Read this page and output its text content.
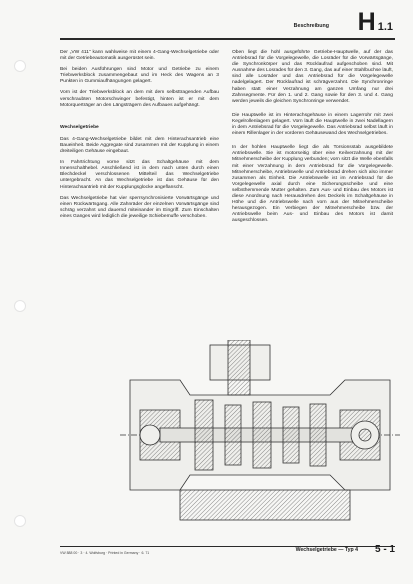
Beschreibung H 1.1

Der „VW 411" kann wahlweise mit einem 4-Gang-Wechselgetriebe oder mit der Getriebeautomatik ausgerüstet sein.

Bei beiden Ausführungen sind Motor und Getriebe zu einem Triebwerksblock zusammengebaut und im Heck des Wagens an 3 Punkten in Gummiaufhängungen gelagert.

Vorn ist der Triebwerksblock an dem mit dem selbsttragenden Aufbau verschraubten Motorschwinger befestigt, hinten ist er mit dem Motorquerträger an den Längsträgern des Aufbaues aufgehängt.

Wechselgetriebe

Das 4-Gang-Wechselgetriebe bildet mit dem Hinterachsantrieb eine Baueinheit. Beide Aggregate sind zusammen mit der Kupplung in einem dreiteiligen Gehäuse eingebaut.

In Fahrtrichtung vorne sitzt das Schaltgehäuse mit dem Innenschalthebel. Anschließend ist in dem nach unten durch einen Blechdeckel verschlossenen Mittelteil das Wechselgetriebe untergebracht. An das Wechselgetriebe ist das Gehäuse für den Hinterachsantrieb mit der Kupplungsglocke angeflanscht.

Das Wechselgetriebe hat vier sperrsynchronisierte Vorwärtsgänge und einen Rückwärtsgang. Alle Zahnräder der einzelnen Vorwärtsgänge sind schräg verzahnt und dauernd miteinander im Eingriff. Zum Einschalten eines Ganges wird lediglich die jeweilige Schiebemuffe verschoben.

Oben liegt die hohl ausgeführte Getriebe-Hauptwelle, auf der das Antriebsrad für die Vorgelegewelle, die Losräder für die Vorwärtsgänge, die Synchronkörper und das Rücklaufrad aufgeschoben sind. Mit Ausnahme des Losrades für den 3. Gang, das auf einer Stahlbuchse läuft, sind alle Losräder und das Antriebsrad für die Vorgelegewelle nadelgelagert. Der Rücklaufrad ist schrägverzahnt. Die Synchronringe haben statt einer Verzahnung am ganzen Umfang nur drei Zahnsegmente. Für den 1. und 2. Gang sowie für den 3. und 4. Gang werden jeweils die gleichen Synchronringe verwendet.

Die Hauptwelle ist im Hinterachsgehäuse in einem Lagerrohr mit zwei Kegelrollenlagern gelagert. Vorn läuft die Hauptwelle in zwei Nadellagern in dem Antriebsrad für die Vorgelegewelle. Das Antriebsrad selbst läuft in einem Rillenlager in der vorderen Gehäusewand des Wechselgetriebes.

In der hohlen Hauptwelle liegt die als Torsionsstab ausgebildete Antriebswelle. Sie ist motorseitig über eine Keilverzahnung mit der Mitnehmerscheibe der Kupplung verbunden; vorn sitzt die Welle ebenfalls mit einer Verzahnung in dem Antriebsrad für die Vorgelegewelle. Mitnehmerscheibe, Antriebswelle und Antriebsrad drehen sich also immer zusammen als Einheit. Die Antriebswelle ist im Antriebsrad für die Vorgelegewelle axial durch eine Sicherungsscheibe und eine selbsthemmende Mutter gehalten. Zum Aus- und Einbau des Motors ist diese Anordnung nach Herausdrehen des Deckels im Schaltgehäuse in Höhe und die Antriebswelle nach vorn aus der Mitnehmerscheibe herausgezogen. Ein Verbiegen der Mitnehmerscheibe bzw. der Antriebswelle beim Aus- und Einbau des Motors ist damit ausgeschlossen.

VW 888 00 · 3 · 4. Wolfsburg · Printed in Germany · 6. 71	Wechselgetriebe — Typ 4 5 - 1
